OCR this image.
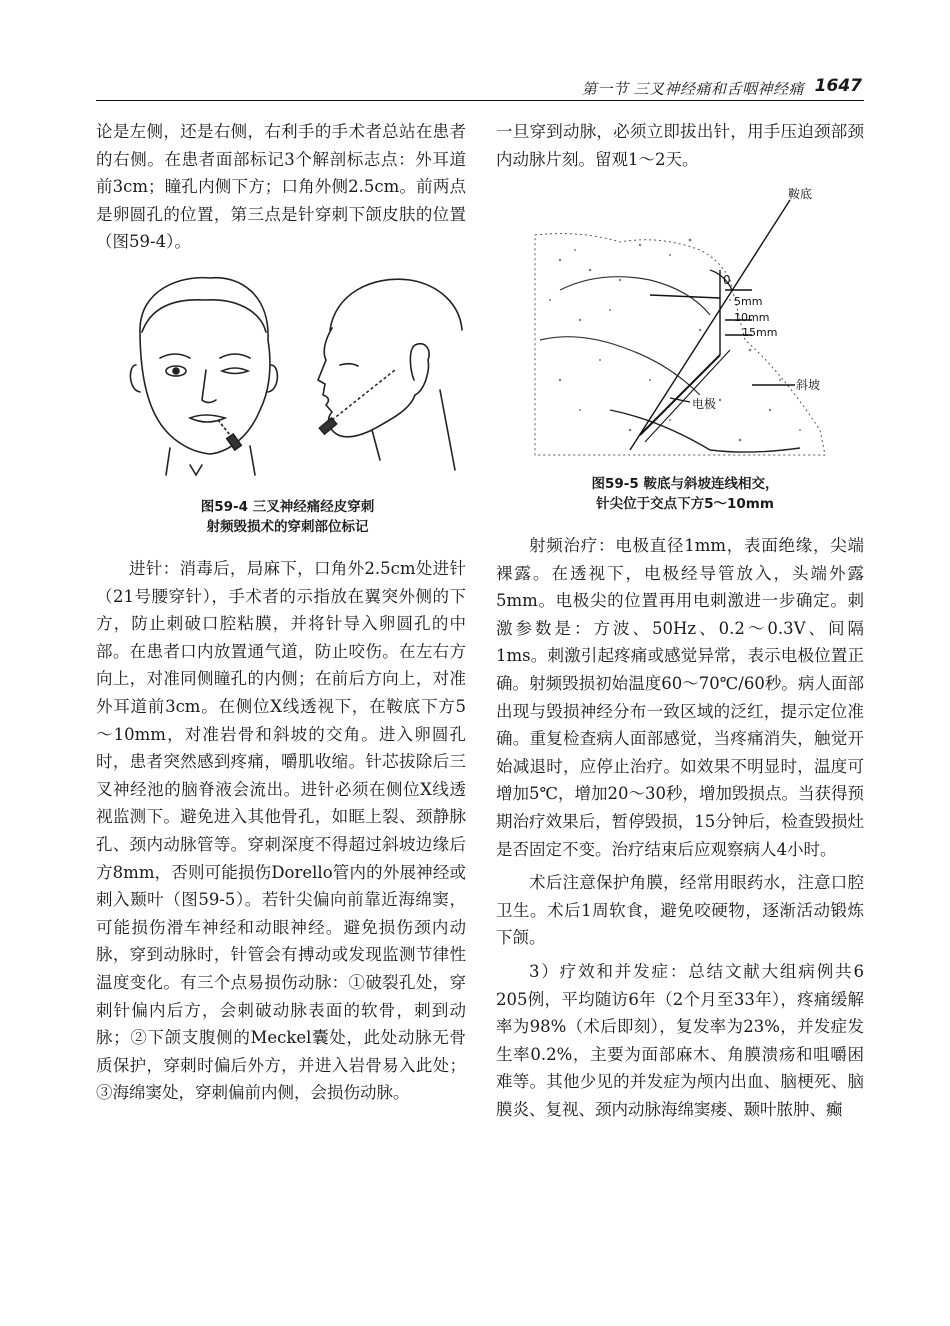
第一节 三叉神经痛和舌咽神经痛 1647

论是左侧，还是右侧，右利手的手术者总站在患者的右侧。在患者面部标记3个解剖标志点：外耳道前3cm；瞳孔内侧下方；口角外侧2.5cm。前两点是卵圆孔的位置，第三点是针穿刺下颌皮肤的位置（图59-4）。

图59-4 三叉神经痛经皮穿刺
射频毁损术的穿刺部位标记

进针：消毒后，局麻下，口角外2.5cm处进针（21号腰穿针），手术者的示指放在翼突外侧的下方，防止刺破口腔粘膜，并将针导入卵圆孔的中部。在患者口内放置通气道，防止咬伤。在左右方向上，对准同侧瞳孔的内侧；在前后方向上，对准外耳道前3cm。在侧位X线透视下，在鞍底下方5～10mm，对准岩骨和斜坡的交角。进入卵圆孔时，患者突然感到疼痛，嚼肌收缩。针芯拔除后三叉神经池的脑脊液会流出。进针必须在侧位X线透视监测下。避免进入其他骨孔，如眶上裂、颈静脉孔、颈内动脉管等。穿刺深度不得超过斜坡边缘后方8mm，否则可能损伤Dorello管内的外展神经或刺入颞叶（图59-5）。若针尖偏向前靠近海绵窦，可能损伤滑车神经和动眼神经。避免损伤颈内动脉，穿到动脉时，针管会有搏动或发现监测节律性温度变化。有三个点易损伤动脉：①破裂孔处，穿刺针偏内后方，会刺破动脉表面的软骨，刺到动脉；②下颌支腹侧的Meckel囊处，此处动脉无骨质保护，穿刺时偏后外方，并进入岩骨易入此处；③海绵窦处，穿刺偏前内侧，会损伤动脉。

一旦穿到动脉，必须立即拔出针，用手压迫颈部颈内动脉片刻。留观1～2天。

鞍底
0
5mm
10mm
15mm
斜坡
电极
图59-5 鞍底与斜坡连线相交，
针尖位于交点下方5～10mm

射频治疗：电极直径1mm，表面绝缘，尖端裸露。在透视下，电极经导管放入，头端外露5mm。电极尖的位置再用电刺激进一步确定。刺激参数是：方波、50Hz、0.2～0.3V、间隔1ms。刺激引起疼痛或感觉异常，表示电极位置正确。射频毁损初始温度60～70℃/60秒。病人面部出现与毁损神经分布一致区域的泛红，提示定位准确。重复检查病人面部感觉，当疼痛消失，触觉开始减退时，应停止治疗。如效果不明显时，温度可增加5℃，增加20～30秒，增加毁损点。当获得预期治疗效果后，暂停毁损，15分钟后，检查毁损灶是否固定不变。治疗结束后应观察病人4小时。

术后注意保护角膜，经常用眼药水，注意口腔卫生。术后1周软食，避免咬硬物，逐渐活动锻炼下颌。

3）疗效和并发症：总结文献大组病例共6 205例，平均随访6年（2个月至33年），疼痛缓解率为98%（术后即刻），复发率为23%，并发症发生率0.2%，主要为面部麻木、角膜溃疡和咀嚼困难等。其他少见的并发症为颅内出血、脑梗死、脑膜炎、复视、颈内动脉海绵窦瘘、颞叶脓肿、癫
